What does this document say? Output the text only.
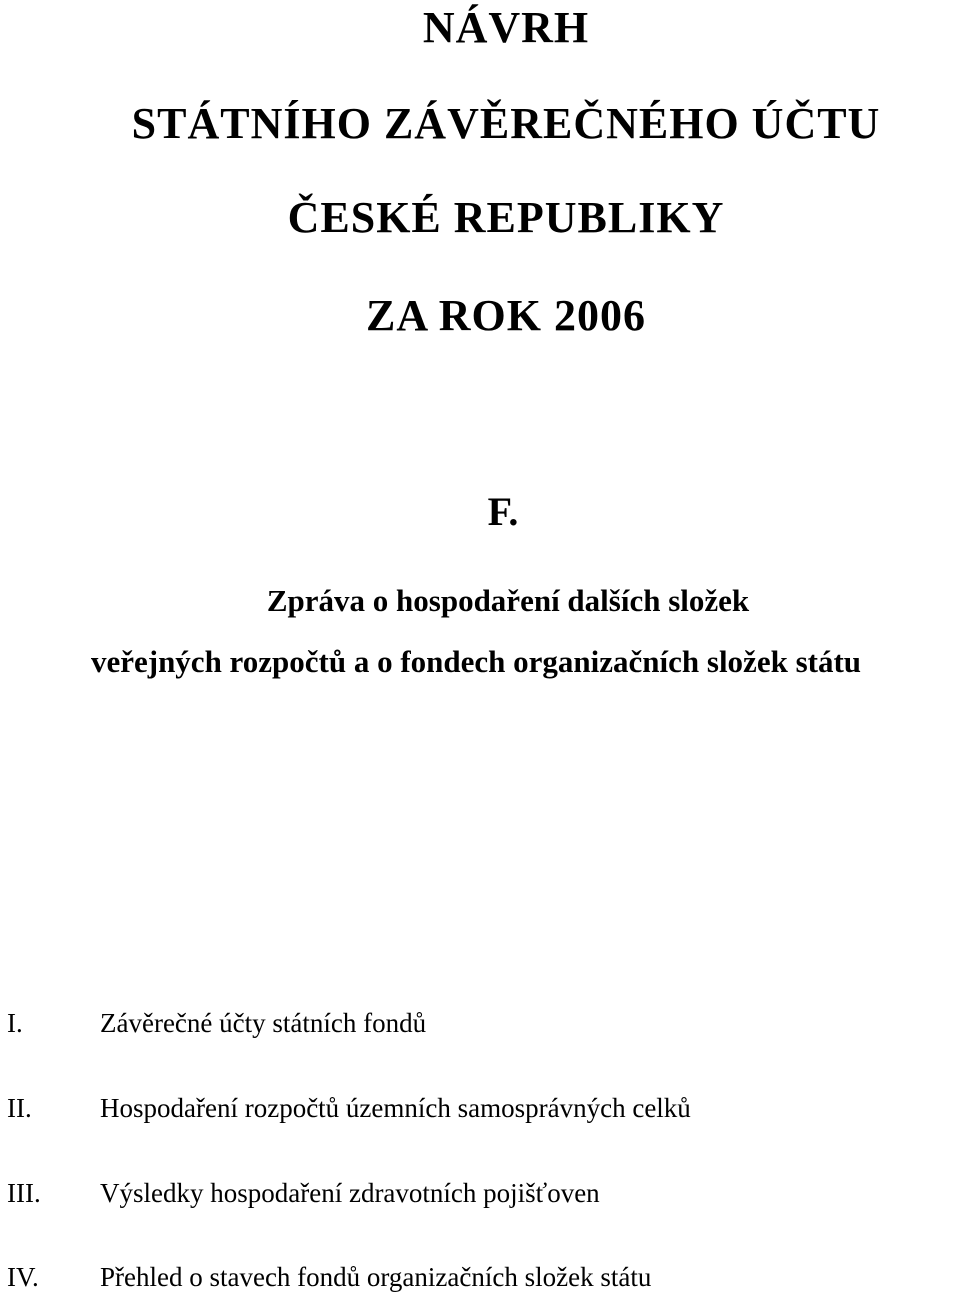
NÁVRH
STÁTNÍHO ZÁVĚREČNÉHO ÚČTU
ČESKÉ REPUBLIKY
ZA ROK 2006
F.
Zpráva o hospodaření dalších složek
veřejných rozpočtů a o fondech organizačních složek státu
I.	Závěrečné účty státních fondů
II.	Hospodaření rozpočtů územních samosprávných celků
III. Výsledky hospodaření zdravotních pojišťoven
IV. Přehled o stavech fondů organizačních složek státu
